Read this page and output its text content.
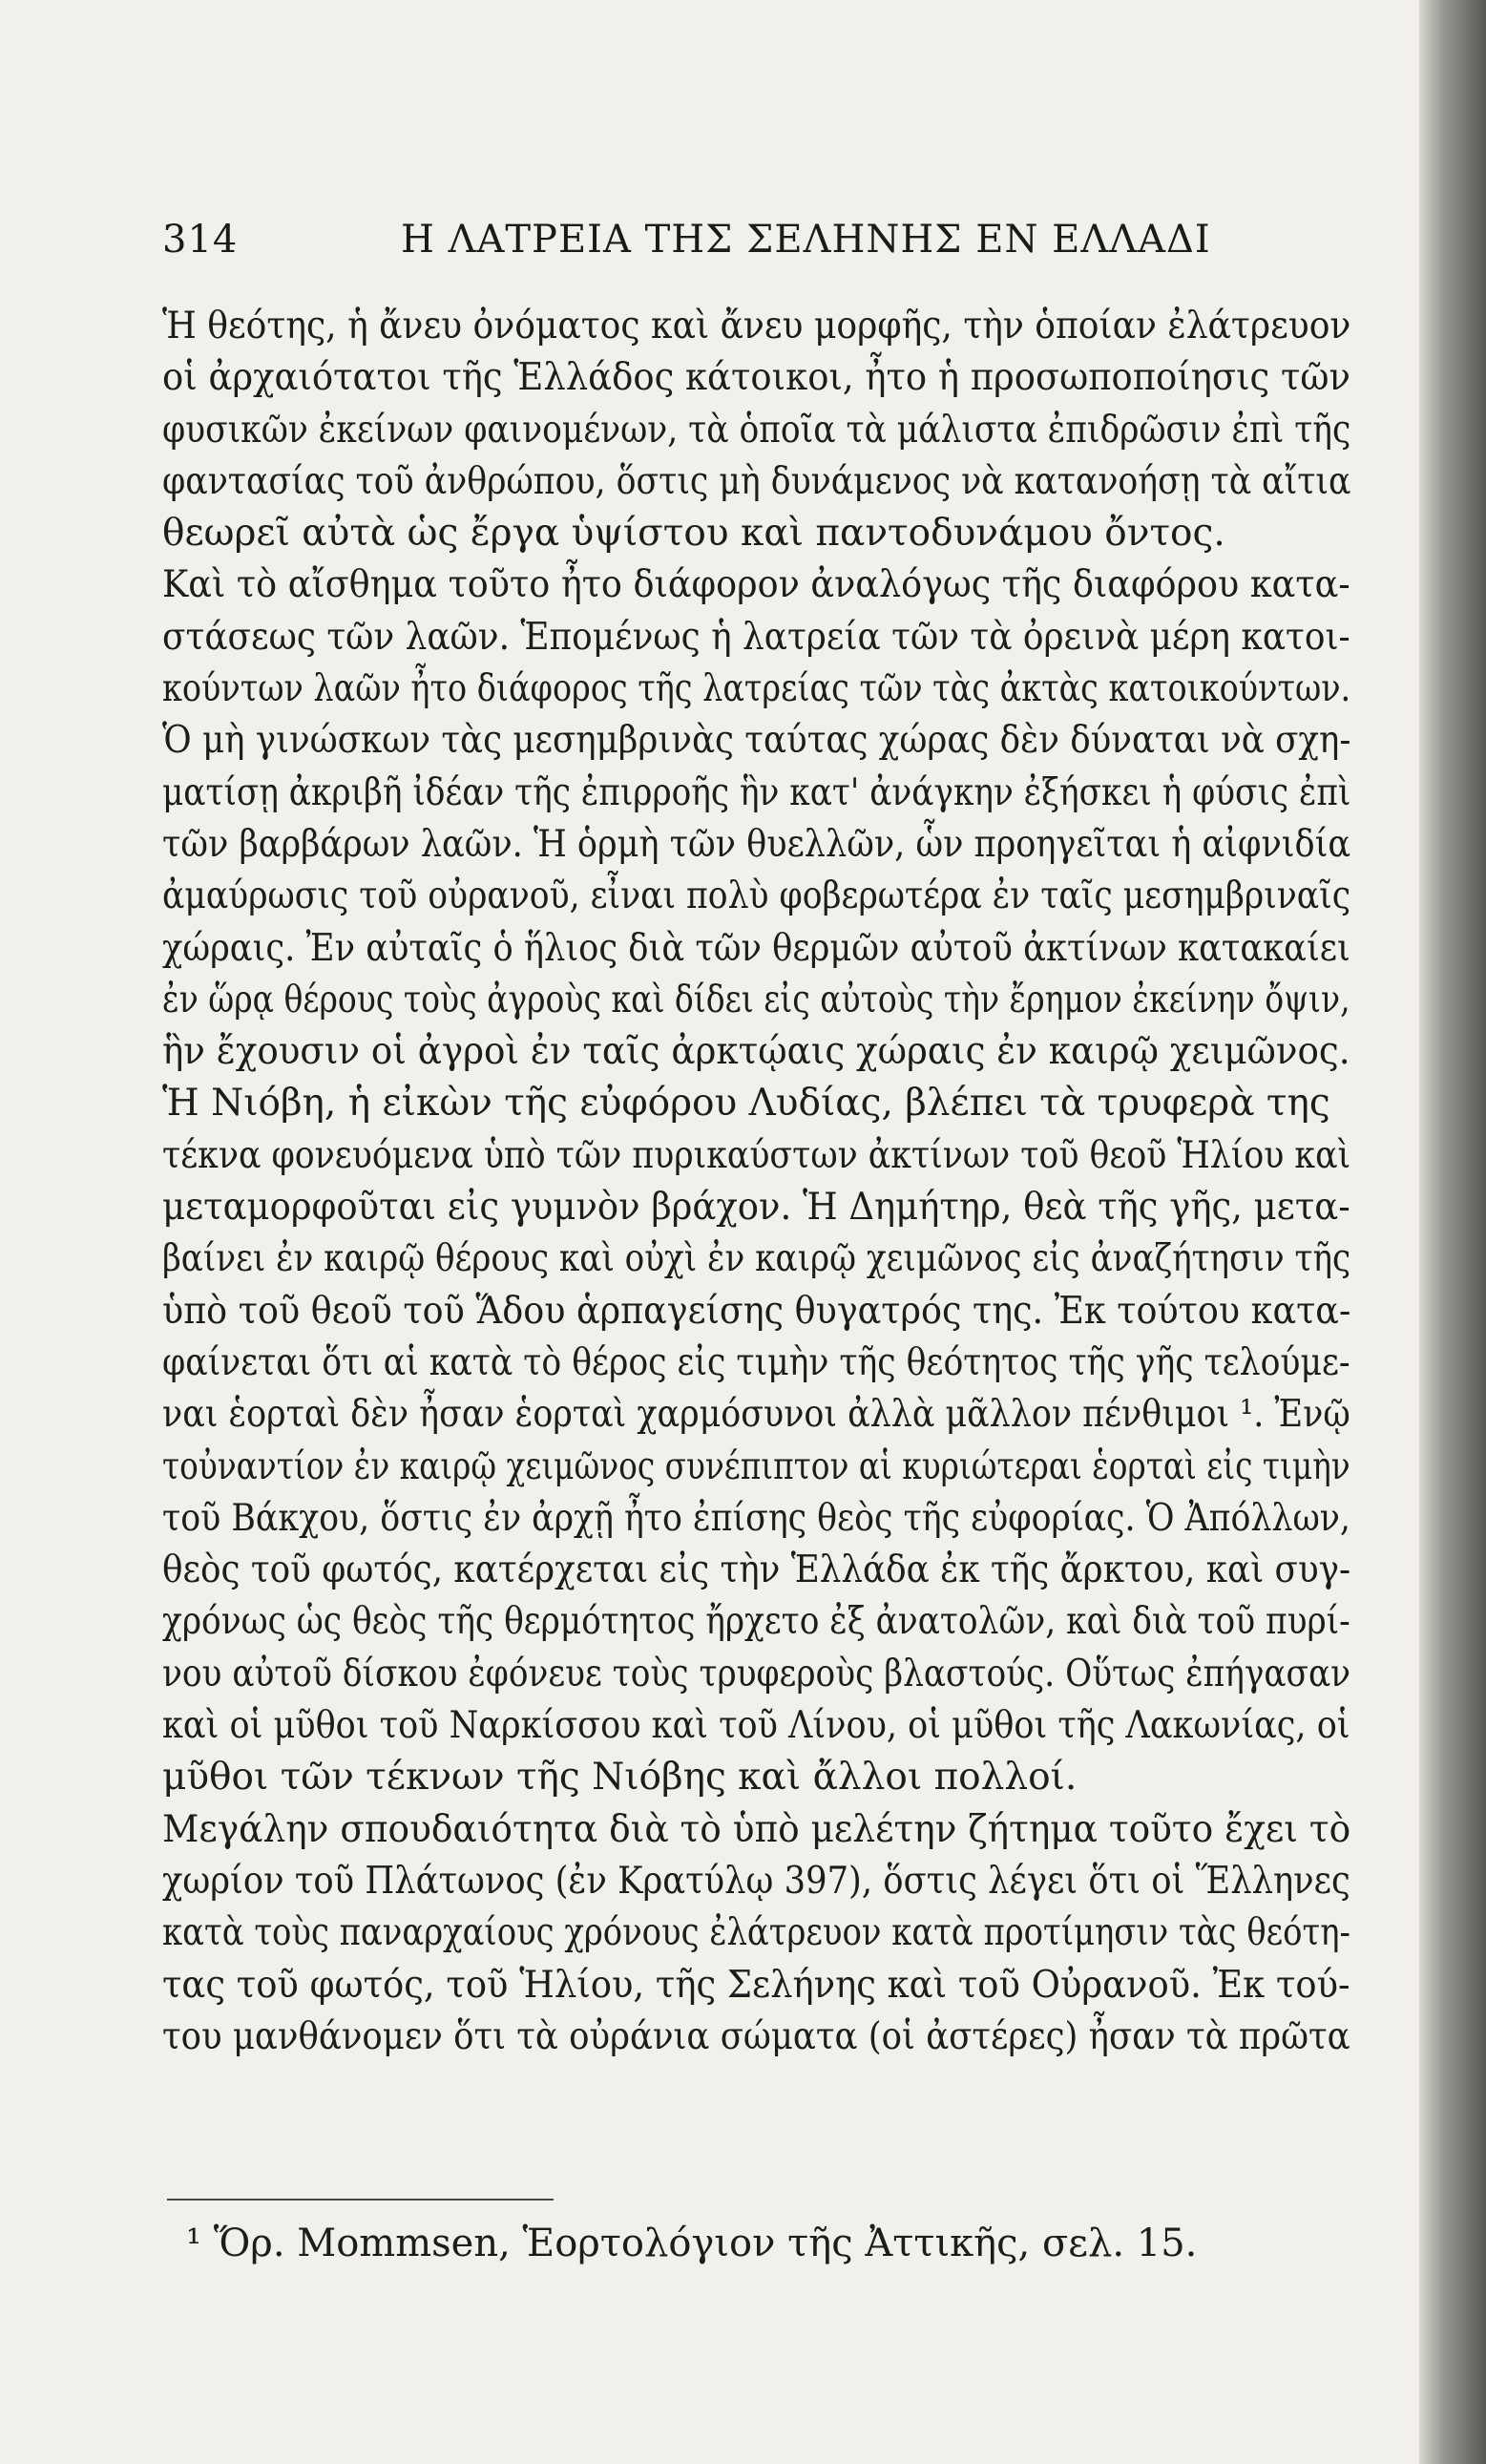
314	Η ΛΑΤΡΕΙΑ ΤΗΣ ΣΕΛΗΝΗΣ ΕΝ ΕΛΛΑΔΙ
Ἡ θεότης, ἡ ἄνευ ὀνόματος καὶ ἄνευ μορφῆς, τὴν ὁποίαν ἐλάτρευον
οἱ ἀρχαιότατοι τῆς Ἑλλάδος κάτοικοι, ἦτο ἡ προσωποποίησις τῶν
φυσικῶν ἐκείνων φαινομένων, τὰ ὁποῖα τὰ μάλιστα ἐπιδρῶσιν ἐπὶ τῆς
φαντασίας τοῦ ἀνθρώπου, ὅστις μὴ δυνάμενος νὰ κατανοήσῃ τὰ αἴτια
θεωρεῖ αὐτὰ ὡς ἔργα ὑψίστου καὶ παντοδυνάμου ὄντος.
Καὶ τὸ αἴσθημα τοῦτο ἦτο διάφορον ἀναλόγως τῆς διαφόρου κατα-
στάσεως τῶν λαῶν. Ἑπομένως ἡ λατρεία τῶν τὰ ὀρεινὰ μέρη κατοι-
κούντων λαῶν ἦτο διάφορος τῆς λατρείας τῶν τὰς ἀκτὰς κατοικούντων.
Ὁ μὴ γινώσκων τὰς μεσημβρινὰς ταύτας χώρας δὲν δύναται νὰ σχη-
ματίσῃ ἀκριβῆ ἰδέαν τῆς ἐπιρροῆς ἣν κατ' ἀνάγκην ἐξήσκει ἡ φύσις ἐπὶ
τῶν βαρβάρων λαῶν. Ἡ ὁρμὴ τῶν θυελλῶν, ὧν προηγεῖται ἡ αἰφνιδία
ἀμαύρωσις τοῦ οὐρανοῦ, εἶναι πολὺ φοβερωτέρα ἐν ταῖς μεσημβριναῖς
χώραις. Ἐν αὐταῖς ὁ ἥλιος διὰ τῶν θερμῶν αὐτοῦ ἀκτίνων κατακαίει
ἐν ὥρᾳ θέρους τοὺς ἀγροὺς καὶ δίδει εἰς αὐτοὺς τὴν ἔρημον ἐκείνην ὄψιν,
ἣν ἔχουσιν οἱ ἀγροὶ ἐν ταῖς ἀρκτῴαις χώραις ἐν καιρῷ χειμῶνος.
Ἡ Νιόβη, ἡ εἰκὼν τῆς εὐφόρου Λυδίας, βλέπει τὰ τρυφερὰ της
τέκνα φονευόμενα ὑπὸ τῶν πυρικαύστων ἀκτίνων τοῦ θεοῦ Ἡλίου καὶ
μεταμορφοῦται εἰς γυμνὸν βράχον. Ἡ Δημήτηρ, θεὰ τῆς γῆς, μετα-
βαίνει ἐν καιρῷ θέρους καὶ οὐχὶ ἐν καιρῷ χειμῶνος εἰς ἀναζήτησιν τῆς
ὑπὸ τοῦ θεοῦ τοῦ Ἅδου ἁρπαγείσης θυγατρός της. Ἐκ τούτου κατα-
φαίνεται ὅτι αἱ κατὰ τὸ θέρος εἰς τιμὴν τῆς θεότητος τῆς γῆς τελούμε-
ναι ἑορταὶ δὲν ἦσαν ἑορταὶ χαρμόσυνοι ἀλλὰ μᾶλλον πένθιμοι ¹. Ἐνῷ
τοὐναντίον ἐν καιρῷ χειμῶνος συνέπιπτον αἱ κυριώτεραι ἑορταὶ εἰς τιμὴν
τοῦ Βάκχου, ὅστις ἐν ἀρχῇ ἦτο ἐπίσης θεὸς τῆς εὐφορίας. Ὁ Ἀπόλλων,
θεὸς τοῦ φωτός, κατέρχεται εἰς τὴν Ἑλλάδα ἐκ τῆς ἄρκτου, καὶ συγ-
χρόνως ὡς θεὸς τῆς θερμότητος ἤρχετο ἐξ ἀνατολῶν, καὶ διὰ τοῦ πυρί-
νου αὐτοῦ δίσκου ἐφόνευε τοὺς τρυφεροὺς βλαστούς. Οὕτως ἐπήγασαν
καὶ οἱ μῦθοι τοῦ Ναρκίσσου καὶ τοῦ Λίνου, οἱ μῦθοι τῆς Λακωνίας, οἱ
μῦθοι τῶν τέκνων τῆς Νιόβης καὶ ἄλλοι πολλοί.
Μεγάλην σπουδαιότητα διὰ τὸ ὑπὸ μελέτην ζήτημα τοῦτο ἔχει τὸ
χωρίον τοῦ Πλάτωνος (ἐν Κρατύλῳ 397), ὅστις λέγει ὅτι οἱ Ἕλληνες
κατὰ τοὺς παναρχαίους χρόνους ἐλάτρευον κατὰ προτίμησιν τὰς θεότη-
τας τοῦ φωτός, τοῦ Ἡλίου, τῆς Σελήνης καὶ τοῦ Οὐρανοῦ. Ἐκ τού-
του μανθάνομεν ὅτι τὰ οὐράνια σώματα (οἱ ἀστέρες) ἦσαν τὰ πρῶτα
¹ Ὅρ. Mommsen, Ἑορτολόγιον τῆς Ἀττικῆς, σελ. 15.
